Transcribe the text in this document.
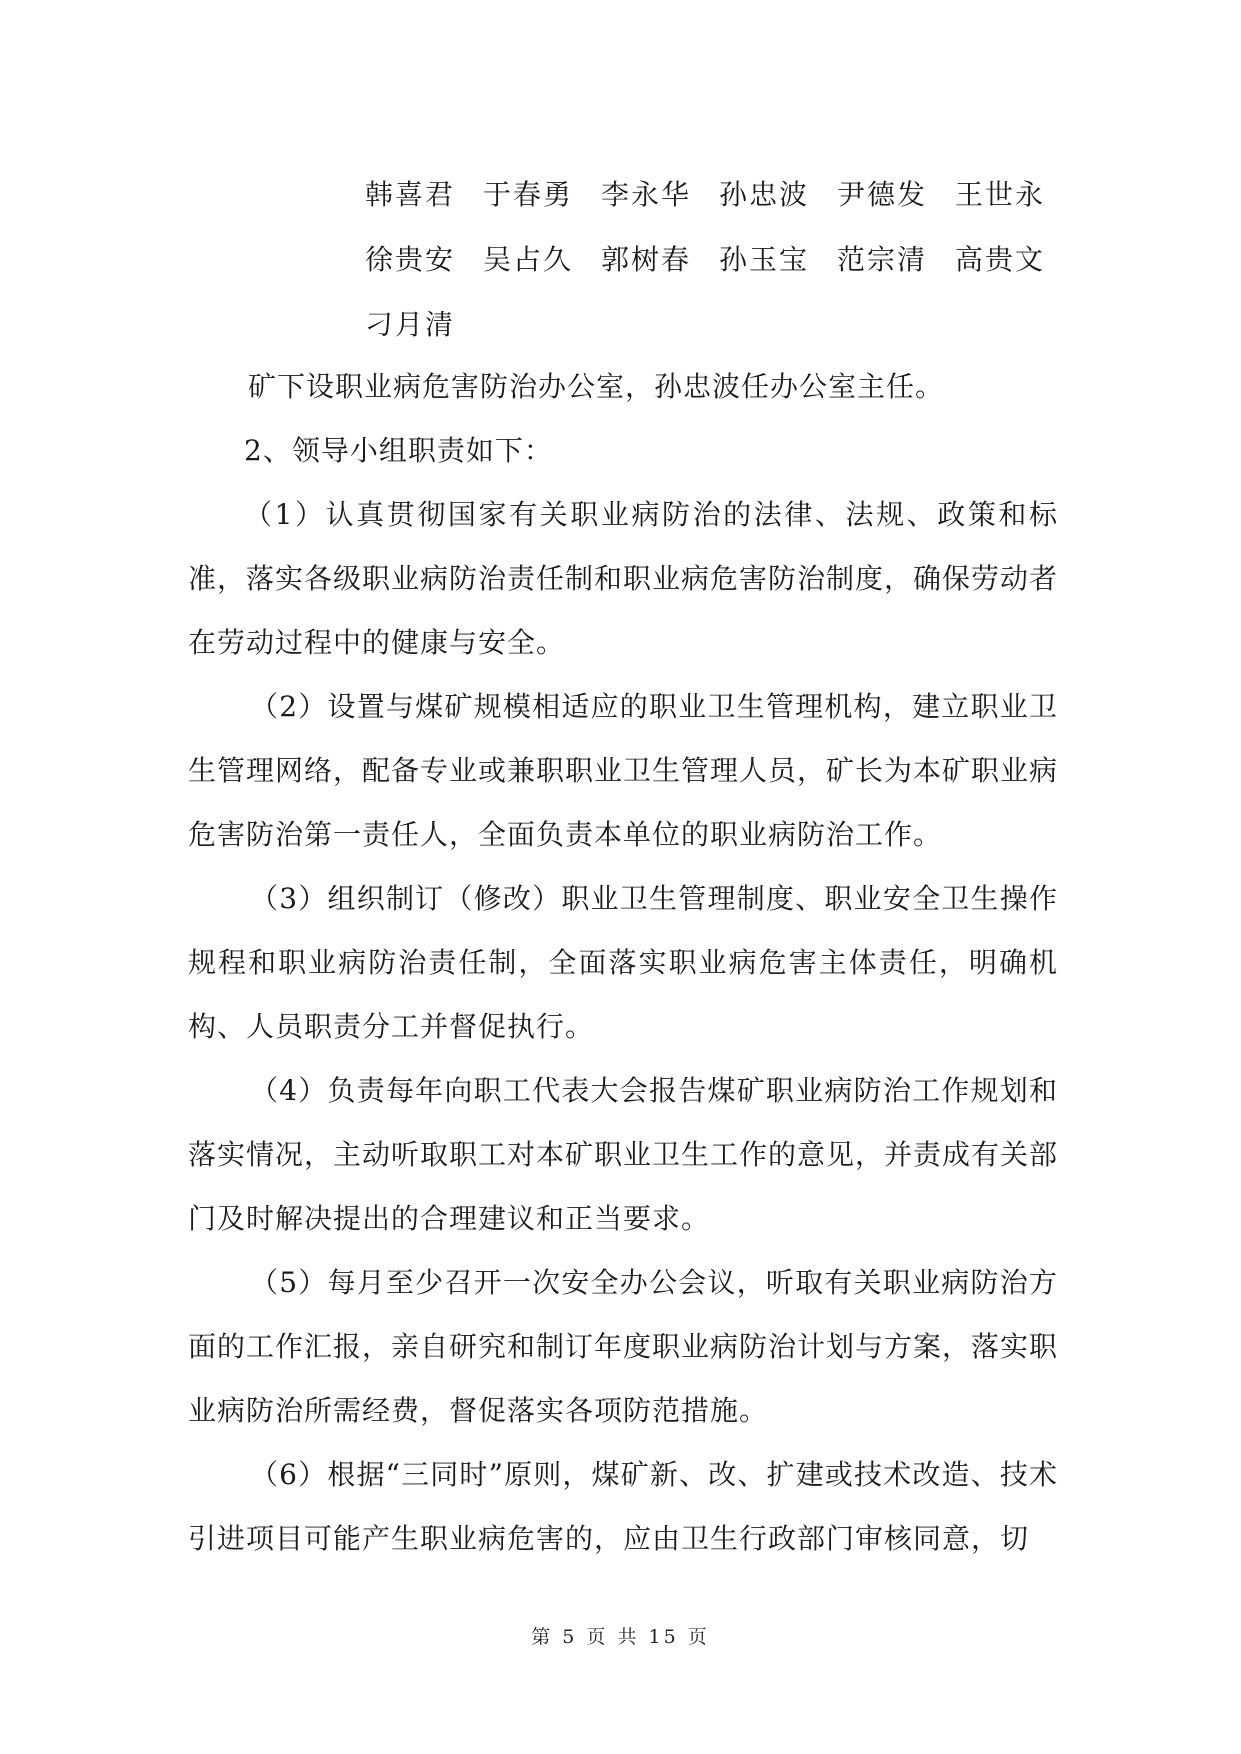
韩喜君 于春勇 李永华 孙忠波 尹德发 王世永
徐贵安 吴占久 郭树春 孙玉宝 范宗清 高贵文
刁月清

矿下设职业病危害防治办公室，孙忠波任办公室主任。

2、领导小组职责如下：

（1）认真贯彻国家有关职业病防治的法律、法规、政策和标准，落实各级职业病防治责任制和职业病危害防治制度，确保劳动者在劳动过程中的健康与安全。

（2）设置与煤矿规模相适应的职业卫生管理机构，建立职业卫生管理网络，配备专业或兼职职业卫生管理人员，矿长为本矿职业病危害防治第一责任人，全面负责本单位的职业病防治工作。

（3）组织制订（修改）职业卫生管理制度、职业安全卫生操作规程和职业病防治责任制，全面落实职业病危害主体责任，明确机构、人员职责分工并督促执行。

（4）负责每年向职工代表大会报告煤矿职业病防治工作规划和落实情况，主动听取职工对本矿职业卫生工作的意见，并责成有关部门及时解决提出的合理建议和正当要求。

（5）每月至少召开一次安全办公会议，听取有关职业病防治方面的工作汇报，亲自研究和制订年度职业病防治计划与方案，落实职业病防治所需经费，督促落实各项防范措施。

（6）根据“三同时”原则，煤矿新、改、扩建或技术改造、技术引进项目可能产生职业病危害的，应由卫生行政部门审核同意，切

第 5 页 共 15 页
